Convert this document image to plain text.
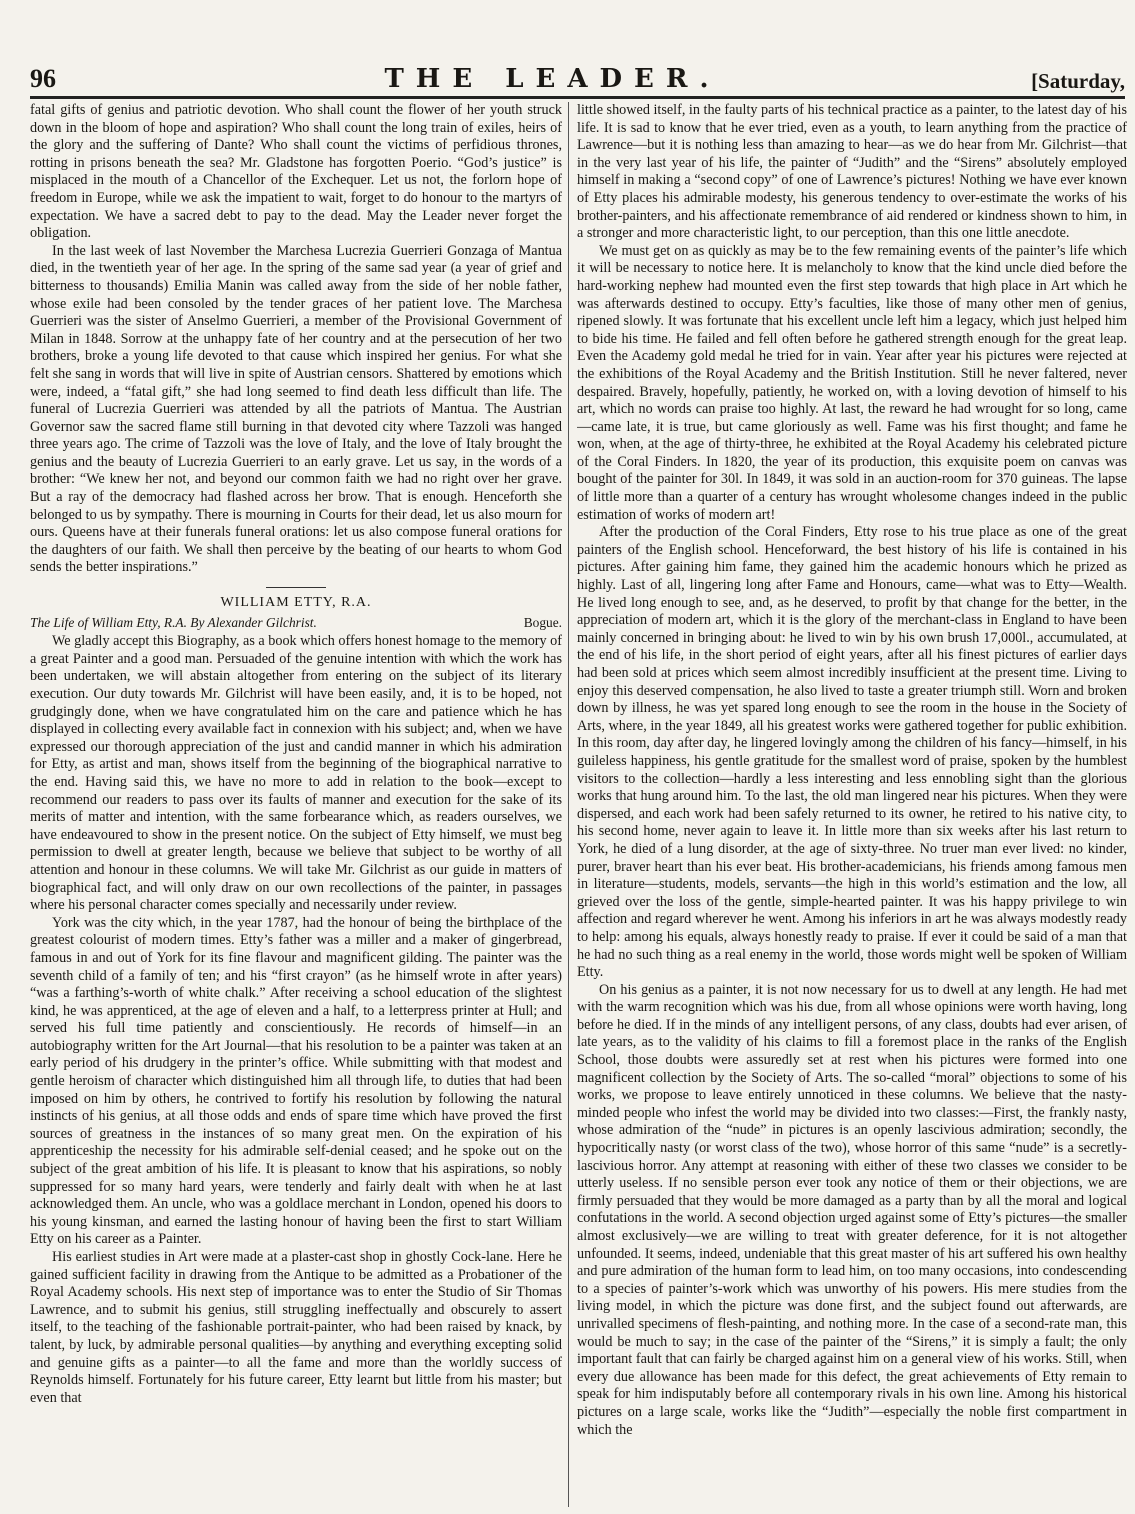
96	THE LEADER.	[Saturday,

fatal gifts of genius and patriotic devotion. Who shall count the flower of her youth struck down in the bloom of hope and aspiration? Who shall count the long train of exiles, heirs of the glory and the suffering of Dante? Who shall count the victims of perfidious thrones, rotting in prisons beneath the sea? Mr. Gladstone has forgotten Poerio. “God’s justice” is misplaced in the mouth of a Chancellor of the Exchequer. Let us not, the forlorn hope of freedom in Europe, while we ask the impatient to wait, forget to do honour to the martyrs of expectation. We have a sacred debt to pay to the dead. May the Leader never forget the obligation.

In the last week of last November the Marchesa Lucrezia Guerrieri Gonzaga of Mantua died, in the twentieth year of her age. In the spring of the same sad year (a year of grief and bitterness to thousands) Emilia Manin was called away from the side of her noble father, whose exile had been consoled by the tender graces of her patient love. The Marchesa Guerrieri was the sister of Anselmo Guerrieri, a member of the Provisional Government of Milan in 1848. Sorrow at the unhappy fate of her country and at the persecution of her two brothers, broke a young life devoted to that cause which inspired her genius. For what she felt she sang in words that will live in spite of Austrian censors. Shattered by emotions which were, indeed, a “fatal gift,” she had long seemed to find death less difficult than life. The funeral of Lucrezia Guerrieri was attended by all the patriots of Mantua. The Austrian Governor saw the sacred flame still burning in that devoted city where Tazzoli was hanged three years ago. The crime of Tazzoli was the love of Italy, and the love of Italy brought the genius and the beauty of Lucrezia Guerrieri to an early grave. Let us say, in the words of a brother: “We knew her not, and beyond our common faith we had no right over her grave. But a ray of the democracy had flashed across her brow. That is enough. Henceforth she belonged to us by sympathy. There is mourning in Courts for their dead, let us also mourn for ours. Queens have at their funerals funeral orations: let us also compose funeral orations for the daughters of our faith. We shall then perceive by the beating of our hearts to whom God sends the better inspirations.”

WILLIAM ETTY, R.A.
The Life of William Etty, R.A. By Alexander Gilchrist.	Bogue.

We gladly accept this Biography, as a book which offers honest homage to the memory of a great Painter and a good man. Persuaded of the genuine intention with which the work has been undertaken, we will abstain altogether from entering on the subject of its literary execution. Our duty towards Mr. Gilchrist will have been easily, and, it is to be hoped, not grudgingly done, when we have congratulated him on the care and patience which he has displayed in collecting every available fact in connexion with his subject; and, when we have expressed our thorough appreciation of the just and candid manner in which his admiration for Etty, as artist and man, shows itself from the beginning of the biographical narrative to the end. Having said this, we have no more to add in relation to the book—except to recommend our readers to pass over its faults of manner and execution for the sake of its merits of matter and intention, with the same forbearance which, as readers ourselves, we have endeavoured to show in the present notice. On the subject of Etty himself, we must beg permission to dwell at greater length, because we believe that subject to be worthy of all attention and honour in these columns. We will take Mr. Gilchrist as our guide in matters of biographical fact, and will only draw on our own recollections of the painter, in passages where his personal character comes specially and necessarily under review.

York was the city which, in the year 1787, had the honour of being the birthplace of the greatest colourist of modern times. Etty’s father was a miller and a maker of gingerbread, famous in and out of York for its fine flavour and magnificent gilding. The painter was the seventh child of a family of ten; and his “first crayon” (as he himself wrote in after years) “was a farthing’s-worth of white chalk.” After receiving a school education of the slightest kind, he was apprenticed, at the age of eleven and a half, to a letterpress printer at Hull; and served his full time patiently and conscientiously. He records of himself—in an autobiography written for the Art Journal—that his resolution to be a painter was taken at an early period of his drudgery in the printer’s office. While submitting with that modest and gentle heroism of character which distinguished him all through life, to duties that had been imposed on him by others, he contrived to fortify his resolution by following the natural instincts of his genius, at all those odds and ends of spare time which have proved the first sources of greatness in the instances of so many great men. On the expiration of his apprenticeship the necessity for his admirable self-denial ceased; and he spoke out on the subject of the great ambition of his life. It is pleasant to know that his aspirations, so nobly suppressed for so many hard years, were tenderly and fairly dealt with when he at last acknowledged them. An uncle, who was a goldlace merchant in London, opened his doors to his young kinsman, and earned the lasting honour of having been the first to start William Etty on his career as a Painter.

His earliest studies in Art were made at a plaster-cast shop in ghostly Cock-lane. Here he gained sufficient facility in drawing from the Antique to be admitted as a Probationer of the Royal Academy schools. His next step of importance was to enter the Studio of Sir Thomas Lawrence, and to submit his genius, still struggling ineffectually and obscurely to assert itself, to the teaching of the fashionable portrait-painter, who had been raised by knack, by talent, by luck, by admirable personal qualities—by anything and everything excepting solid and genuine gifts as a painter—to all the fame and more than the worldly success of Reynolds himself. Fortunately for his future career, Etty learnt but little from his master; but even that

little showed itself, in the faulty parts of his technical practice as a painter, to the latest day of his life. It is sad to know that he ever tried, even as a youth, to learn anything from the practice of Lawrence—but it is nothing less than amazing to hear—as we do hear from Mr. Gilchrist—that in the very last year of his life, the painter of “Judith” and the “Sirens” absolutely employed himself in making a “second copy” of one of Lawrence’s pictures! Nothing we have ever known of Etty places his admirable modesty, his generous tendency to over-estimate the works of his brother-painters, and his affectionate remembrance of aid rendered or kindness shown to him, in a stronger and more characteristic light, to our perception, than this one little anecdote.

We must get on as quickly as may be to the few remaining events of the painter’s life which it will be necessary to notice here. It is melancholy to know that the kind uncle died before the hard-working nephew had mounted even the first step towards that high place in Art which he was afterwards destined to occupy. Etty’s faculties, like those of many other men of genius, ripened slowly. It was fortunate that his excellent uncle left him a legacy, which just helped him to bide his time. He failed and fell often before he gathered strength enough for the great leap. Even the Academy gold medal he tried for in vain. Year after year his pictures were rejected at the exhibitions of the Royal Academy and the British Institution. Still he never faltered, never despaired. Bravely, hopefully, patiently, he worked on, with a loving devotion of himself to his art, which no words can praise too highly. At last, the reward he had wrought for so long, came—came late, it is true, but came gloriously as well. Fame was his first thought; and fame he won, when, at the age of thirty-three, he exhibited at the Royal Academy his celebrated picture of the Coral Finders. In 1820, the year of its production, this exquisite poem on canvas was bought of the painter for 30l. In 1849, it was sold in an auction-room for 370 guineas. The lapse of little more than a quarter of a century has wrought wholesome changes indeed in the public estimation of works of modern art!

After the production of the Coral Finders, Etty rose to his true place as one of the great painters of the English school. Henceforward, the best history of his life is contained in his pictures. After gaining him fame, they gained him the academic honours which he prized as highly. Last of all, lingering long after Fame and Honours, came—what was to Etty—Wealth. He lived long enough to see, and, as he deserved, to profit by that change for the better, in the appreciation of modern art, which it is the glory of the merchant-class in England to have been mainly concerned in bringing about: he lived to win by his own brush 17,000l., accumulated, at the end of his life, in the short period of eight years, after all his finest pictures of earlier days had been sold at prices which seem almost incredibly insufficient at the present time. Living to enjoy this deserved compensation, he also lived to taste a greater triumph still. Worn and broken down by illness, he was yet spared long enough to see the room in the house in the Society of Arts, where, in the year 1849, all his greatest works were gathered together for public exhibition. In this room, day after day, he lingered lovingly among the children of his fancy—himself, in his guileless happiness, his gentle gratitude for the smallest word of praise, spoken by the humblest visitors to the collection—hardly a less interesting and less ennobling sight than the glorious works that hung around him. To the last, the old man lingered near his pictures. When they were dispersed, and each work had been safely returned to its owner, he retired to his native city, to his second home, never again to leave it. In little more than six weeks after his last return to York, he died of a lung disorder, at the age of sixty-three. No truer man ever lived: no kinder, purer, braver heart than his ever beat. His brother-academicians, his friends among famous men in literature—students, models, servants—the high in this world’s estimation and the low, all grieved over the loss of the gentle, simple-hearted painter. It was his happy privilege to win affection and regard wherever he went. Among his inferiors in art he was always modestly ready to help: among his equals, always honestly ready to praise. If ever it could be said of a man that he had no such thing as a real enemy in the world, those words might well be spoken of William Etty.

On his genius as a painter, it is not now necessary for us to dwell at any length. He had met with the warm recognition which was his due, from all whose opinions were worth having, long before he died. If in the minds of any intelligent persons, of any class, doubts had ever arisen, of late years, as to the validity of his claims to fill a foremost place in the ranks of the English School, those doubts were assuredly set at rest when his pictures were formed into one magnificent collection by the Society of Arts. The so-called “moral” objections to some of his works, we propose to leave entirely unnoticed in these columns. We believe that the nasty-minded people who infest the world may be divided into two classes:—First, the frankly nasty, whose admiration of the “nude” in pictures is an openly lascivious admiration; secondly, the hypocritically nasty (or worst class of the two), whose horror of this same “nude” is a secretly-lascivious horror. Any attempt at reasoning with either of these two classes we consider to be utterly useless. If no sensible person ever took any notice of them or their objections, we are firmly persuaded that they would be more damaged as a party than by all the moral and logical confutations in the world. A second objection urged against some of Etty’s pictures—the smaller almost exclusively—we are willing to treat with greater deference, for it is not altogether unfounded. It seems, indeed, undeniable that this great master of his art suffered his own healthy and pure admiration of the human form to lead him, on too many occasions, into condescending to a species of painter’s-work which was unworthy of his powers. His mere studies from the living model, in which the picture was done first, and the subject found out afterwards, are unrivalled specimens of flesh-painting, and nothing more. In the case of a second-rate man, this would be much to say; in the case of the painter of the “Sirens,” it is simply a fault; the only important fault that can fairly be charged against him on a general view of his works. Still, when every due allowance has been made for this defect, the great achievements of Etty remain to speak for him indisputably before all contemporary rivals in his own line. Among his historical pictures on a large scale, works like the “Judith”—especially the noble first compartment in which the
